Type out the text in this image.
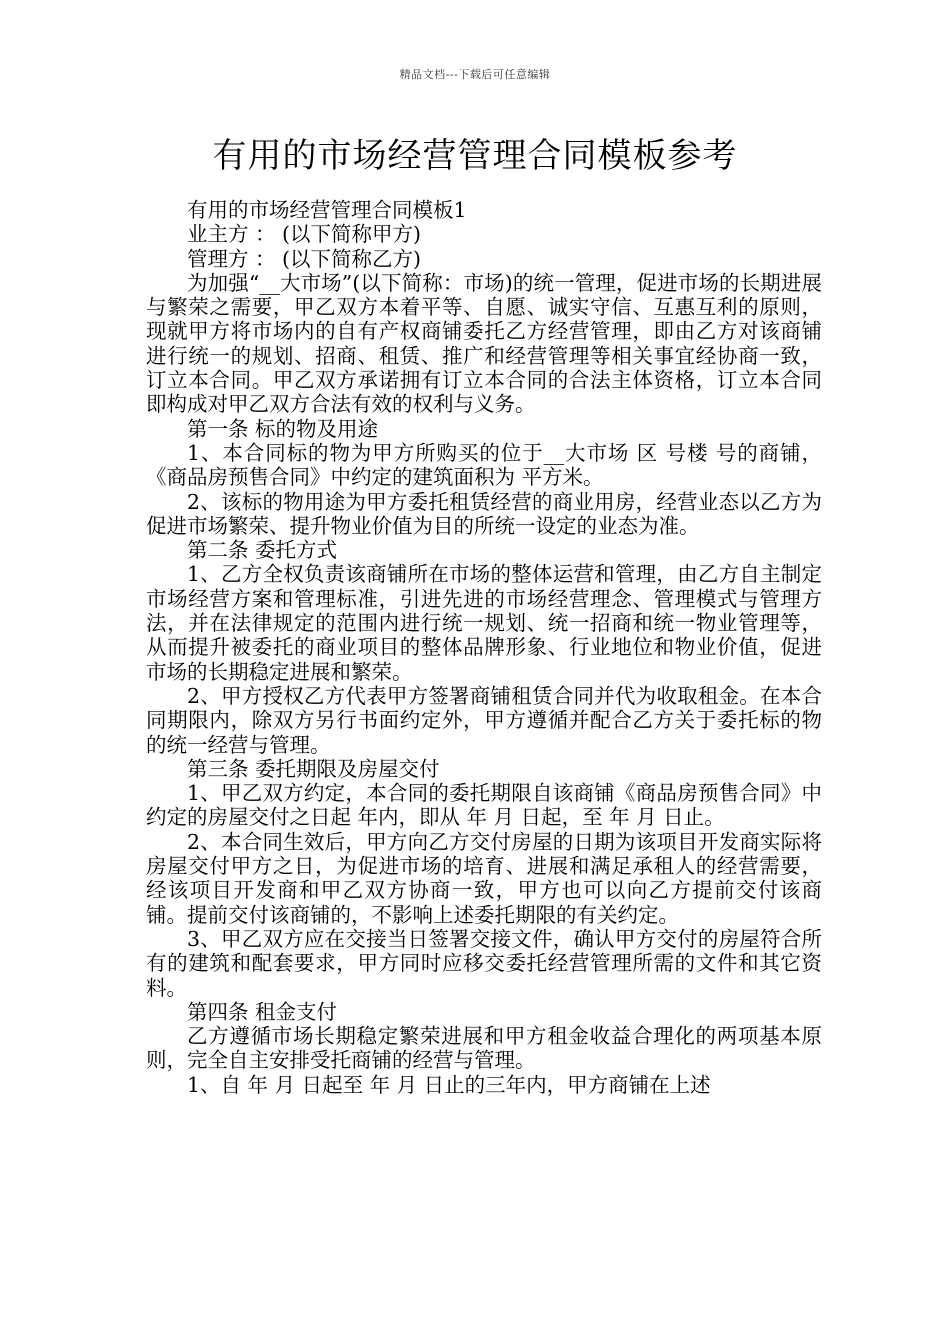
精品文档---下载后可任意编辑
有用的市场经营管理合同模板参考

有用的市场经营管理合同模板1

业主方 ： (以下简称甲方)

管理方 ： (以下简称乙方)

为加强“__大市场”(以下简称：市场)的统一管理，促进市场的长期进展与繁荣之需要，甲乙双方本着平等、自愿、诚实守信、互惠互利的原则，现就甲方将市场内的自有产权商铺委托乙方经营管理，即由乙方对该商铺进行统一的规划、招商、租赁、推广和经营管理等相关事宜经协商一致，订立本合同。甲乙双方承诺拥有订立本合同的合法主体资格，订立本合同即构成对甲乙双方合法有效的权利与义务。

第一条 标的物及用途

1、本合同标的物为甲方所购买的位于__大市场 区 号楼 号的商铺，《商品房预售合同》中约定的建筑面积为 平方米。

2、该标的物用途为甲方委托租赁经营的商业用房，经营业态以乙方为促进市场繁荣、提升物业价值为目的所统一设定的业态为准。

第二条 委托方式

1、乙方全权负责该商铺所在市场的整体运营和管理，由乙方自主制定市场经营方案和管理标准，引进先进的市场经营理念、管理模式与管理方法，并在法律规定的范围内进行统一规划、统一招商和统一物业管理等，从而提升被委托的商业项目的整体品牌形象、行业地位和物业价值，促进市场的长期稳定进展和繁荣。

2、甲方授权乙方代表甲方签署商铺租赁合同并代为收取租金。在本合同期限内，除双方另行书面约定外，甲方遵循并配合乙方关于委托标的物的统一经营与管理。

第三条 委托期限及房屋交付

1、甲乙双方约定，本合同的委托期限自该商铺《商品房预售合同》中约定的房屋交付之日起 年内，即从 年 月 日起，至 年 月 日止。

2、本合同生效后，甲方向乙方交付房屋的日期为该项目开发商实际将房屋交付甲方之日，为促进市场的培育、进展和满足承租人的经营需要，经该项目开发商和甲乙双方协商一致，甲方也可以向乙方提前交付该商铺。提前交付该商铺的，不影响上述委托期限的有关约定。

3、甲乙双方应在交接当日签署交接文件，确认甲方交付的房屋符合所有的建筑和配套要求，甲方同时应移交委托经营管理所需的文件和其它资料。

第四条 租金支付

乙方遵循市场长期稳定繁荣进展和甲方租金收益合理化的两项基本原则，完全自主安排受托商铺的经营与管理。

1、自 年 月 日起至 年 月 日止的三年内，甲方商铺在上述
